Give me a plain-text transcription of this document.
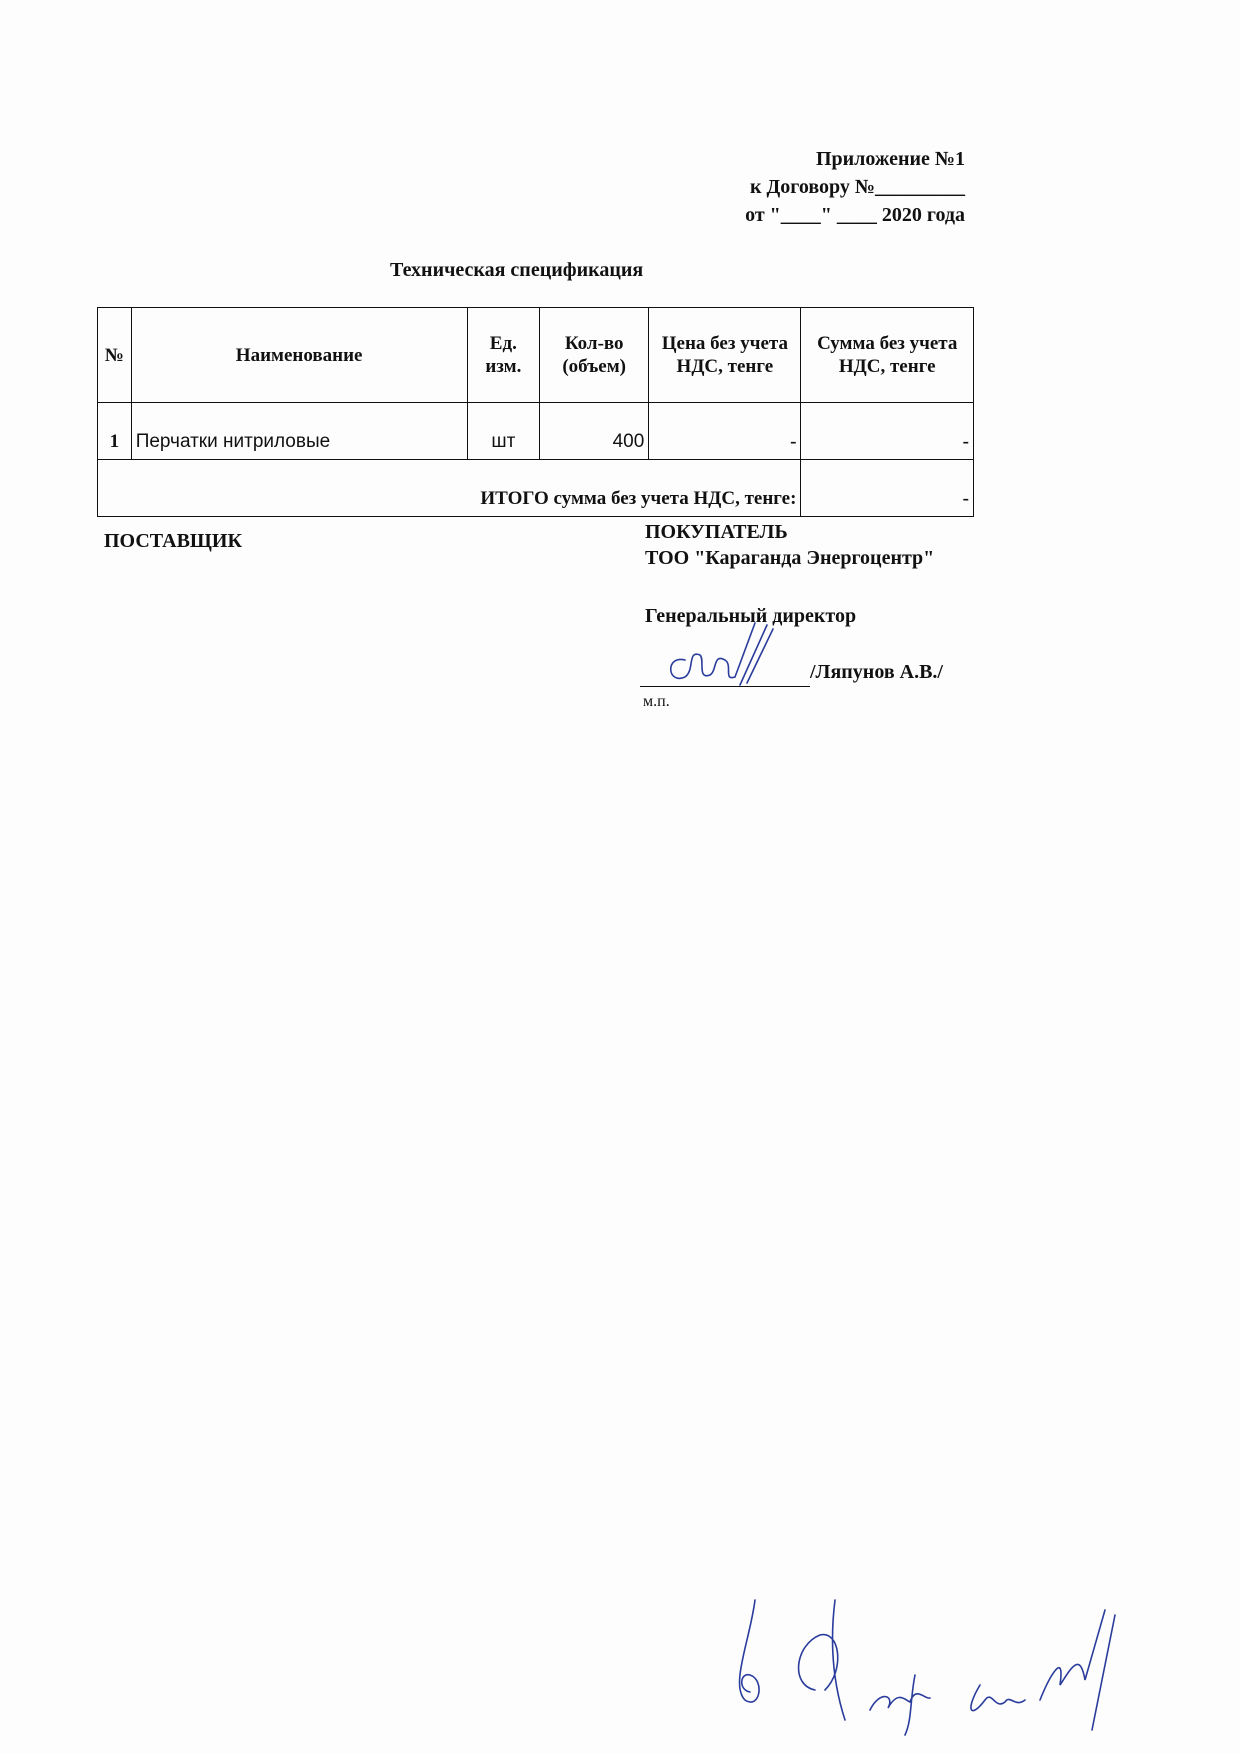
Приложение №1
к Договору №_________
от "____" ____ 2020 года
Техническая спецификация
№	Наименование	Ед. изм.	Кол-во (объем)	Цена без учета НДС, тенге	Сумма без учета НДС, тенге
1	Перчатки нитриловые	шт	400	-	-
ИТОГО сумма без учета НДС, тенге:					-
ПОСТАВЩИК	ПОКУПАТЕЛЬ
ТОО "Караганда Энергоцентр"
Генеральный директор
/Ляпунов А.В./
м.п.
